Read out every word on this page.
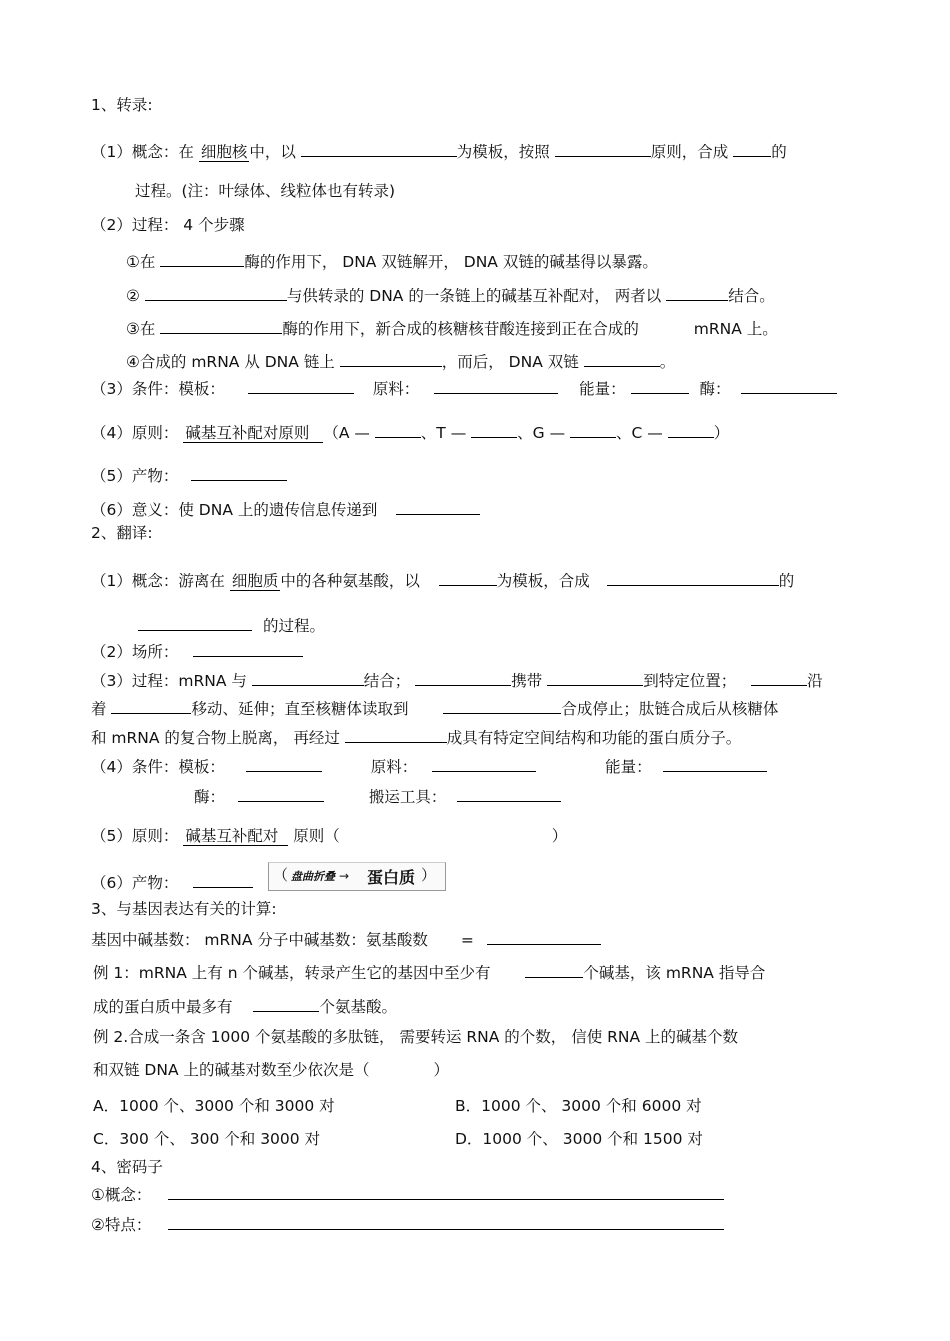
1、转录:
（1）概念：在 细胞核 中，以	为模板，按照	原则，合成	的
过程。(注：叶绿体、线粒体也有转录)
（2）过程： 4 个步骤
①在	酶的作用下， DNA 双链解开， DNA 双链的碱基得以暴露。
②	与供转录的 DNA 的一条链上的碱基互补配对， 两者以	结合。
③在	酶的作用下，新合成的核糖核苷酸连接到正在合成的	mRNA 上。
④合成的 mRNA 从 DNA 链上	，而后， DNA 双链	。
（3）条件：模板：	原料：	能量：	酶：
（4）原则： 碱基互补配对原则 （A —	、T —	、G —	、C —	）
（5）产物：
（6）意义：使 DNA 上的遗传信息传递到
2、翻译:
（1）概念：游离在 细胞质 中的各种氨基酸，以	为模板，合成	的
的过程。
（2）场所：
（3）过程：mRNA 与	结合；	携带	到特定位置；	沿
着	移动、延伸；直至核糖体读取到	合成停止；肽链合成后从核糖体
和 mRNA 的复合物上脱离， 再经过	成具有特定空间结构和功能的蛋白质分子。
（4）条件：模板：	原料：	能量：
酶：	搬运工具：
（5）原则： 碱基互补配对 原则（	）
（6）产物：	（ 盘曲折叠 → 蛋白质 ）
3、与基因表达有关的计算:
基因中碱基数： mRNA 分子中碱基数：氨基酸数 =
例 1：mRNA 上有 n 个碱基，转录产生它的基因中至少有	个碱基，该 mRNA 指导合
成的蛋白质中最多有	个氨基酸。
例 2.合成一条含 1000 个氨基酸的多肽链， 需要转运 RNA 的个数， 信使 RNA 上的碱基个数
和双链 DNA 上的碱基对数至少依次是（	）
A．1000 个、3000 个和 3000 对	B．1000 个、 3000 个和 6000 对
C．300 个、 300 个和 3000 对	D．1000 个、 3000 个和 1500 对
4、密码子
①概念：
②特点：
